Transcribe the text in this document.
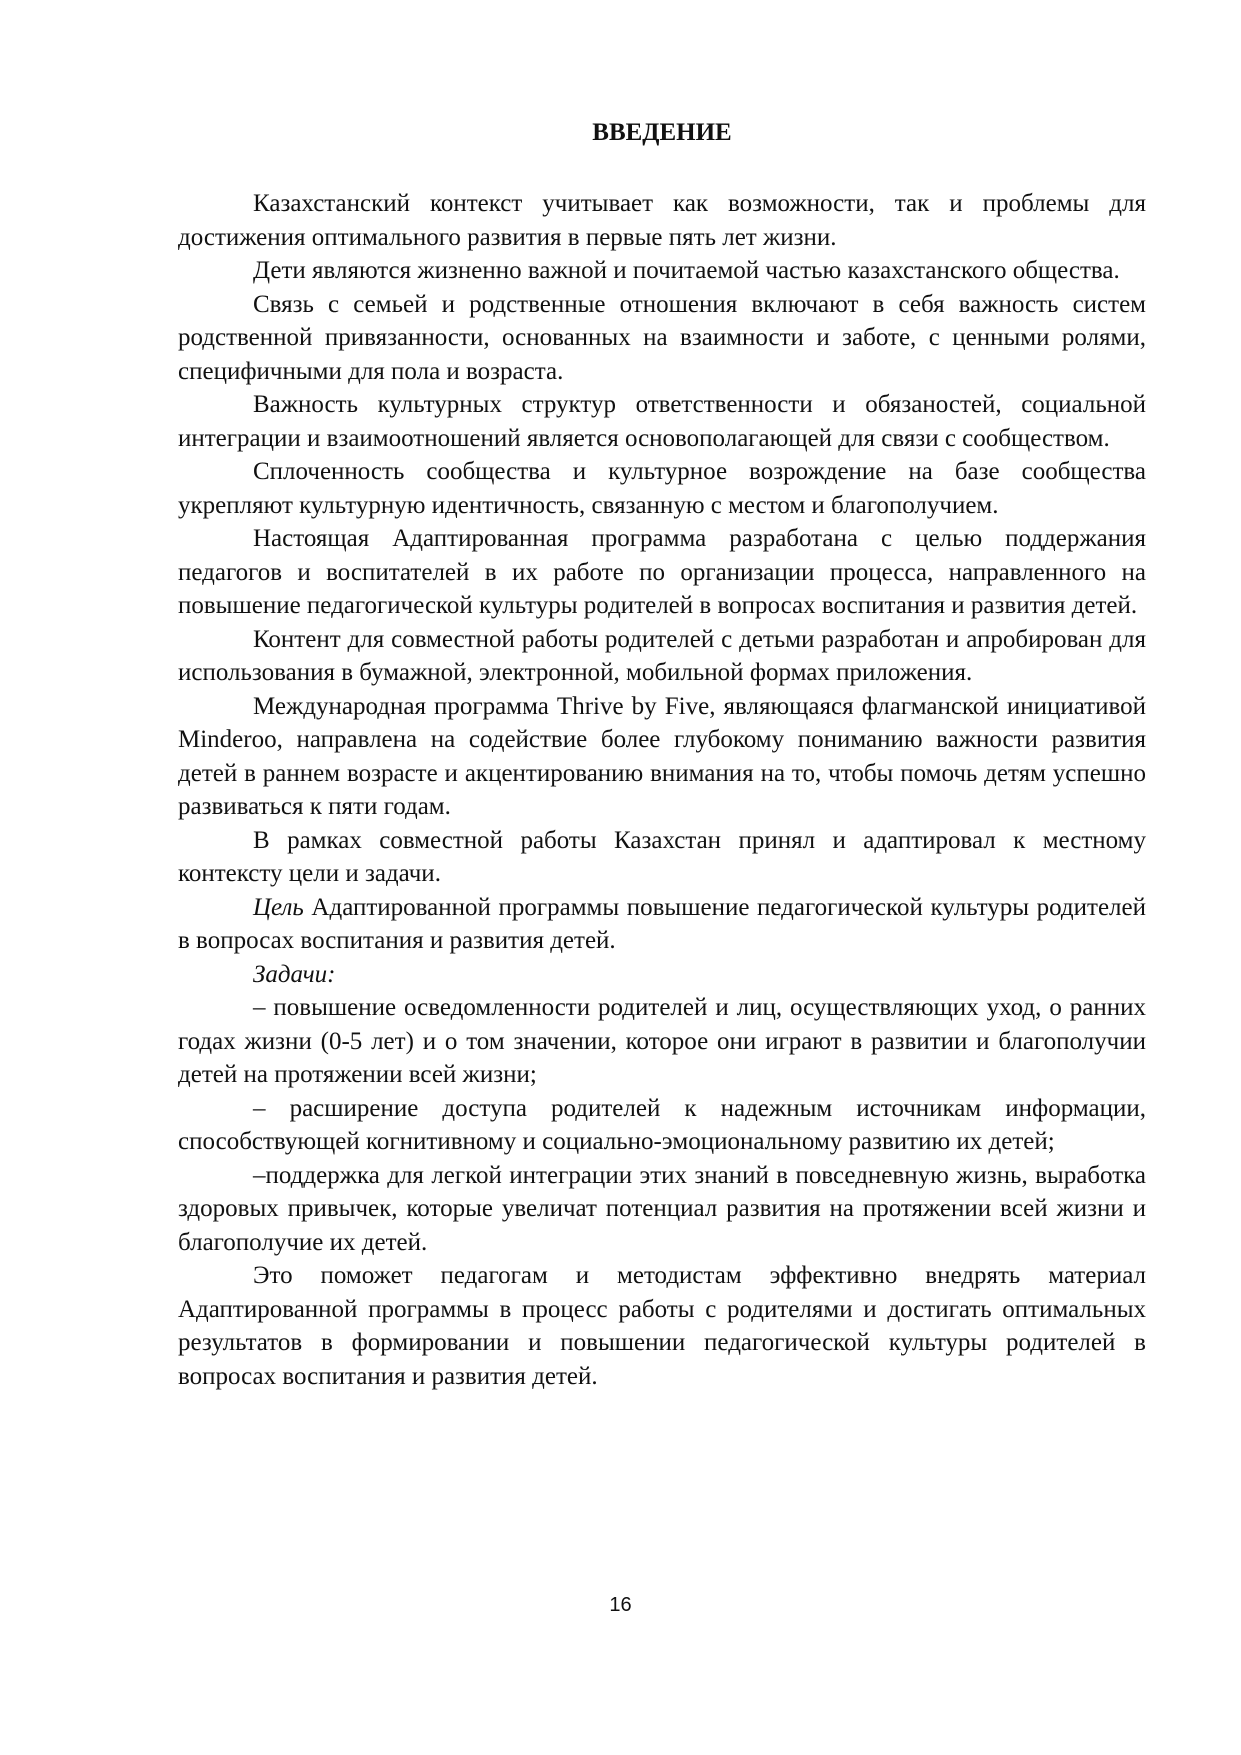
ВВЕДЕНИЕ

Казахстанский контекст учитывает как возможности, так и проблемы для достижения оптимального развития в первые пять лет жизни.

Дети являются жизненно важной и почитаемой частью казахстанского общества.

Связь с семьей и родственные отношения включают в себя важность систем родственной привязанности, основанных на взаимности и заботе, с ценными ролями, специфичными для пола и возраста.

Важность культурных структур ответственности и обязаностей, социальной интеграции и взаимоотношений является основополагающей для связи с сообществом.

Сплоченность сообщества и культурное возрождение на базе сообщества укрепляют культурную идентичность, связанную с местом и благополучием.

Настоящая Адаптированная программа разработана с целью поддержания педагогов и воспитателей в их работе по организации процесса, направленного на повышение педагогической культуры родителей в вопросах воспитания и развития детей.

Контент для совместной работы родителей с детьми разработан и апробирован для использования в бумажной, электронной, мобильной формах приложения.

Международная программа Thrive by Five, являющаяся флагманской инициативой Minderoo, направлена на содействие более глубокому пониманию важности развития детей в раннем возрасте и акцентированию внимания на то, чтобы помочь детям успешно развиваться к пяти годам.

В рамках совместной работы Казахстан принял и адаптировал к местному контексту цели и задачи.

Цель Адаптированной программы повышение педагогической культуры родителей в вопросах воспитания и развития детей.

Задачи:

– повышение осведомленности родителей и лиц, осуществляющих уход, о ранних годах жизни (0-5 лет) и о том значении, которое они играют в развитии и благополучии детей на протяжении всей жизни;

– расширение доступа родителей к надежным источникам информации, способствующей когнитивному и социально-эмоциональному развитию их детей;

–поддержка для легкой интеграции этих знаний в повседневную жизнь, выработка здоровых привычек, которые увеличат потенциал развития на протяжении всей жизни и благополучие их детей.

Это поможет педагогам и методистам эффективно внедрять материал Адаптированной программы в процесс работы с родителями и достигать оптимальных результатов в формировании и повышении педагогической культуры родителей в вопросах воспитания и развития детей.

16
